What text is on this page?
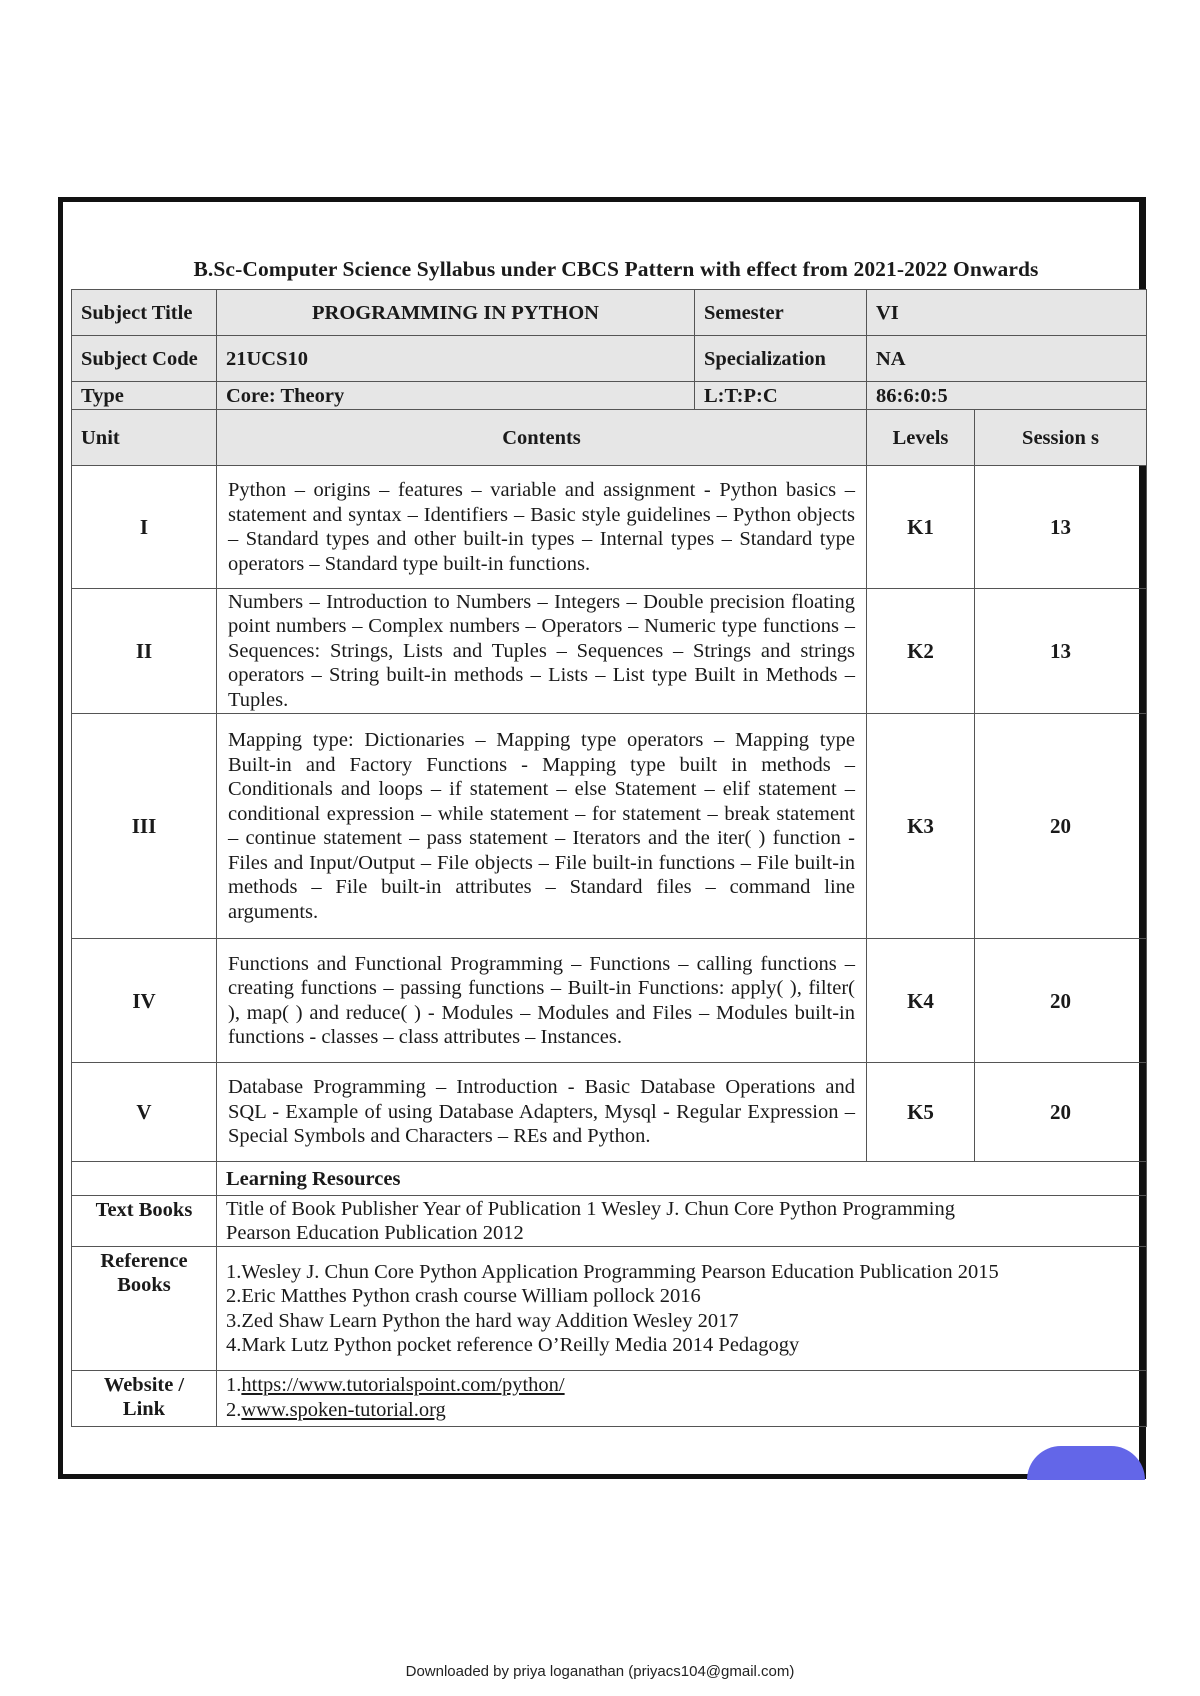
B.Sc-Computer Science Syllabus under CBCS Pattern with effect from 2021-2022 Onwards
Subject Title	PROGRAMMING IN PYTHON	Semester	VI	
Subject Code	21UCS10	Specialization	NA	
Type	Core: Theory	L:T:P:C	86:6:0:5	
Unit	Contents		Levels	Session s
I	Python – origins – features – variable and assignment - Python basics – statement and syntax – Identifiers – Basic style guidelines – Python objects – Standard types and other built-in types – Internal types – Standard type operators – Standard type built-in functions.		K1	13
II	Numbers – Introduction to Numbers – Integers – Double precision floating point numbers – Complex numbers – Operators – Numeric type functions – Sequences: Strings, Lists and Tuples – Sequences – Strings and strings operators – String built-in methods – Lists – List type Built in Methods – Tuples.		K2	13
III	Mapping type: Dictionaries – Mapping type operators – Mapping type Built-in and Factory Functions - Mapping type built in methods – Conditionals and loops – if statement – else Statement – elif statement – conditional expression – while statement – for statement – break statement – continue statement – pass statement – Iterators and the iter( ) function - Files and Input/Output – File objects – File built-in functions – File built-in methods – File built-in attributes – Standard files – command line arguments.		K3	20
IV	Functions and Functional Programming – Functions – calling functions – creating functions – passing functions – Built-in Functions: apply( ), filter( ), map( ) and reduce( ) - Modules – Modules and Files – Modules built-in functions - classes – class attributes – Instances.		K4	20
V	Database Programming – Introduction - Basic Database Operations and SQL - Example of using Database Adapters, Mysql - Regular Expression – Special Symbols and Characters – REs and Python.		K5	20
	Learning Resources			
Text Books	Title of Book Publisher Year of Publication 1 Wesley J. Chun Core Python Programming Pearson Education Publication 2012			

Reference Books	1.Wesley J. Chun Core Python Application Programming Pearson Education Publication 2015
2.Eric Matthes Python crash course William pollock 2016
3.Zed Shaw Learn Python the hard way Addition Wesley 2017
4.Mark Lutz Python pocket reference O’Reilly Media 2014 Pedagogy			

Website / Link	1.https://www.tutorialspoint.com/python/
2.www.spoken-tutorial.org			
Downloaded by priya loganathan (priyacs104@gmail.com)
